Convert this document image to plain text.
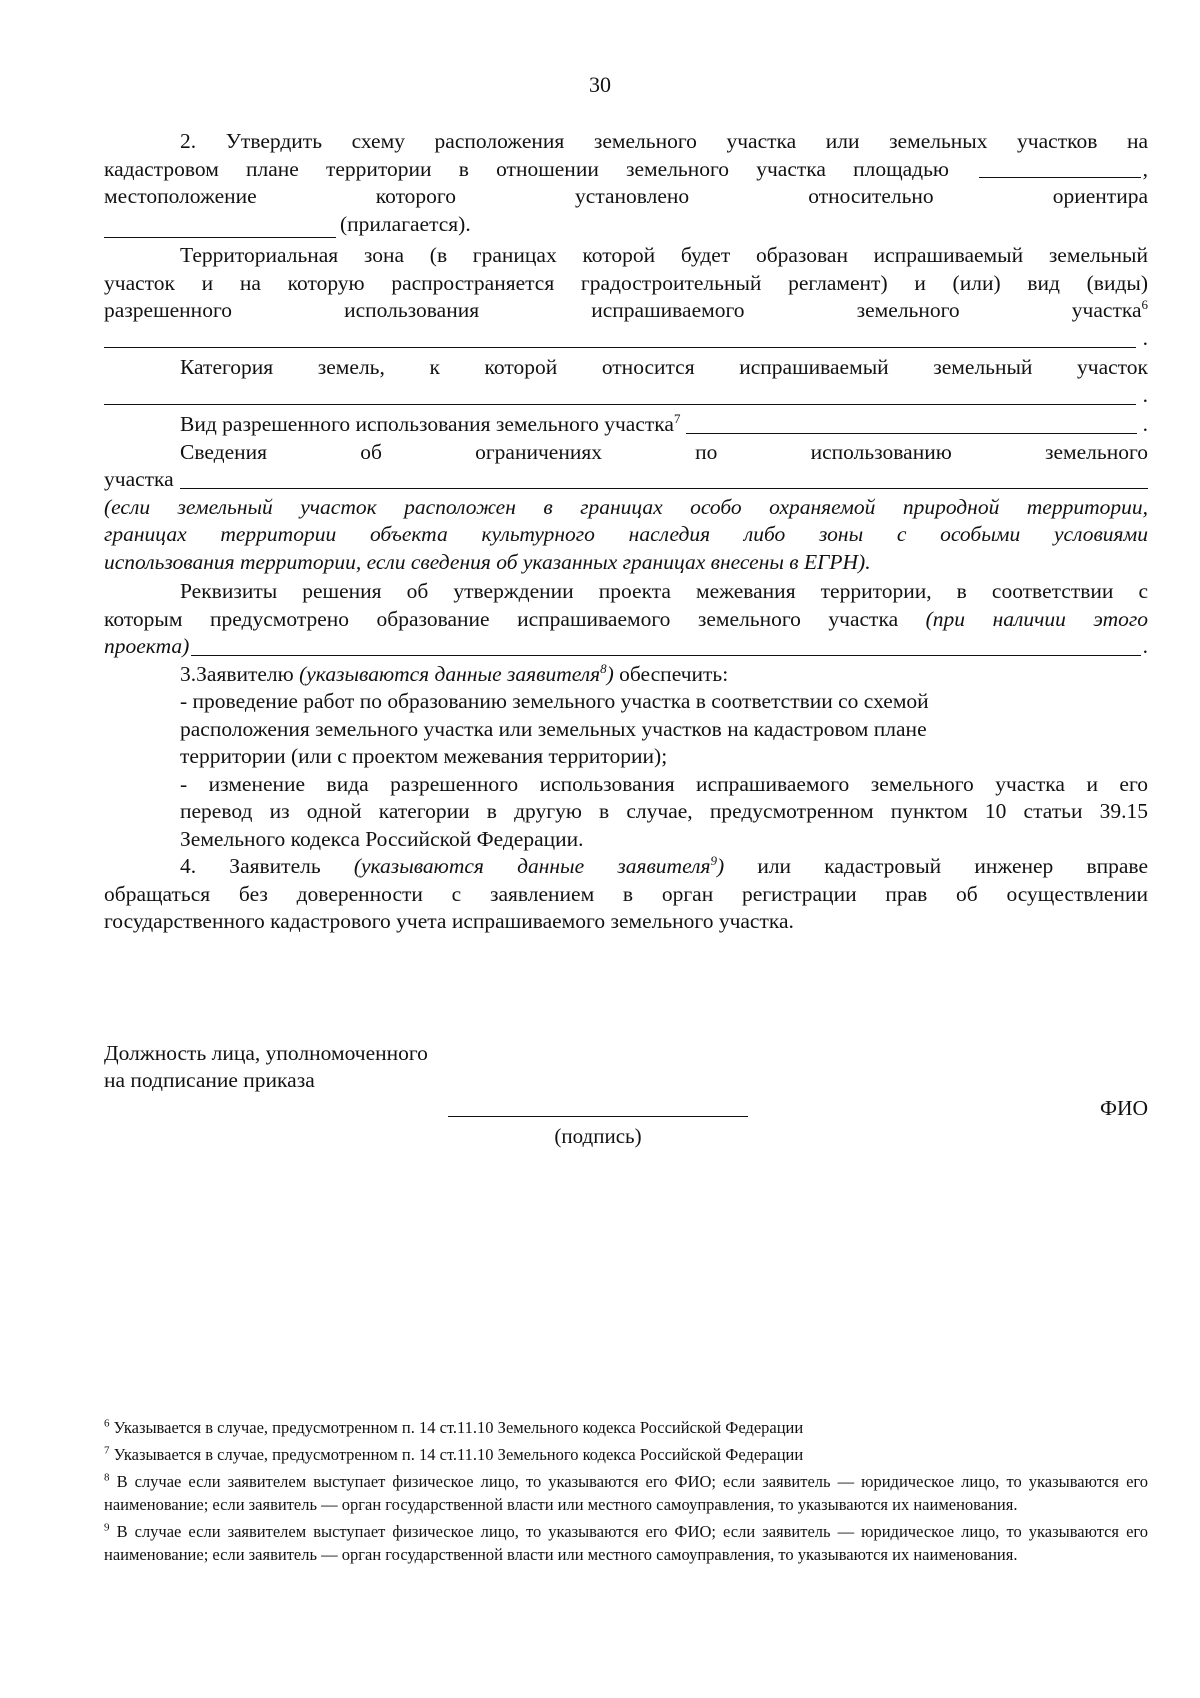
30
2. Утвердить схему расположения земельного участка или земельных участков на
кадастровом плане территории в отношении земельного участка площадью	,
местоположение которого установлено относительно ориентира
(прилагается).
Территориальная зона (в границах которой будет образован испрашиваемый земельный
участок и на которую распространяется градостроительный регламент) и (или) вид (виды)
разрешенного использования испрашиваемого земельного участка$^6$
.
Категория земель, к которой относится испрашиваемый земельный участок
.
Вид разрешенного использования земельного участка$^7$	.
Сведения об ограничениях по использованию земельного
участка
(если земельный участок расположен в границах особо охраняемой природной территории,
границах территории объекта культурного наследия либо зоны с особыми условиями
использования территории, если сведения об указанных границах внесены в ЕГРН).
Реквизиты решения об утверждении проекта межевания территории, в соответствии с
которым предусмотрено образование испрашиваемого земельного участка (при наличии этого
проекта)	.
3.Заявителю (указываются данные заявителя$^8$) обеспечить:
- проведение работ по образованию земельного участка в соответствии со схемой
расположения земельного участка или земельных участков на кадастровом плане
территории (или с проектом межевания территории);
- изменение вида разрешенного использования испрашиваемого земельного участка и его
перевод из одной категории в другую в случае, предусмотренном пунктом 10 статьи 39.15
Земельного кодекса Российской Федерации.
4. Заявитель (указываются данные заявителя$^9$) или кадастровый инженер вправе
обращаться без доверенности с заявлением в орган регистрации прав об осуществлении
государственного кадастрового учета испрашиваемого земельного участка.
Должность лица, уполномоченного
на подписание приказа
(подпись)
ФИО
$^6$ Указывается в случае, предусмотренном п. 14 ст.11.10 Земельного кодекса Российской Федерации
$^7$ Указывается в случае, предусмотренном п. 14 ст.11.10 Земельного кодекса Российской Федерации
$^8$ В случае если заявителем выступает физическое лицо, то указываются его ФИО; если заявитель — юридическое лицо, то указываются его наименование; если заявитель — орган государственной власти или местного самоуправления, то указываются их наименования.
$^9$ В случае если заявителем выступает физическое лицо, то указываются его ФИО; если заявитель — юридическое лицо, то указываются его наименование; если заявитель — орган государственной власти или местного самоуправления, то указываются их наименования.
